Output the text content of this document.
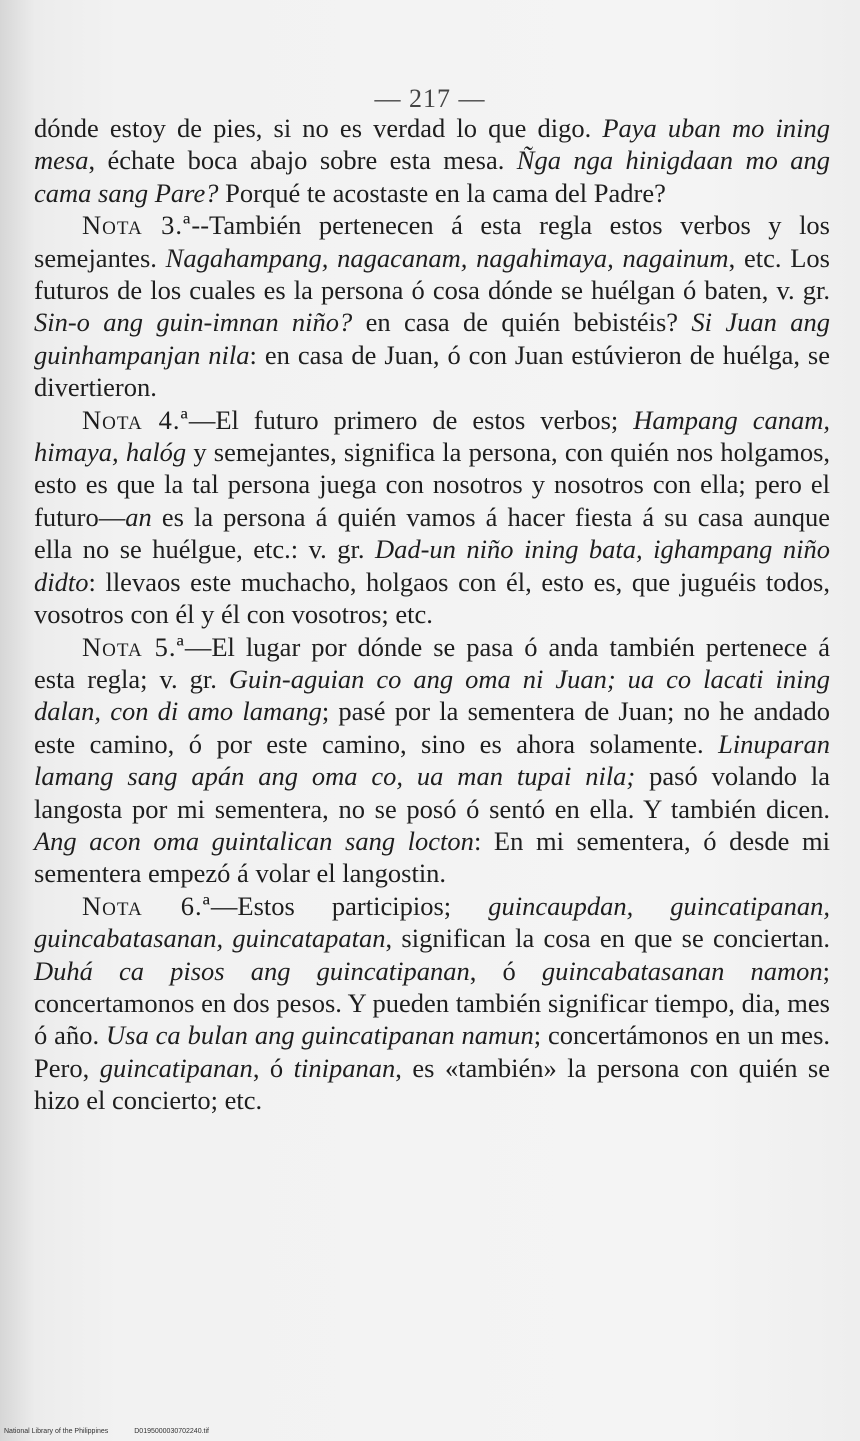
— 217 —

dónde estoy de pies, si no es verdad lo que digo. Paya uban mo ining mesa, échate boca abajo sobre esta mesa. Ñga nga hinigdaan mo ang cama sang Pare? Porqué te acostaste en la cama del Padre?

Nota 3.ª--También pertenecen á esta regla estos verbos y los semejantes. Nagahampang, nagacanam, nagahimaya, nagainum, etc. Los futuros de los cuales es la persona ó cosa dónde se huélgan ó baten, v. gr. Sin-o ang guin-imnan niño? en casa de quién bebistéis? Si Juan ang guinhampanjan nila: en casa de Juan, ó con Juan estúvieron de huélga, se divertieron.

Nota 4.ª—El futuro primero de estos verbos; Hampang canam, himaya, halóg y semejantes, significa la persona, con quién nos holgamos, esto es que la tal persona juega con nosotros y nosotros con ella; pero el futuro—an es la persona á quién vamos á hacer fiesta á su casa aunque ella no se huélgue, etc.: v. gr. Dad-un niño ining bata, ighampang niño didto: llevaos este muchacho, holgaos con él, esto es, que juguéis todos, vosotros con él y él con vosotros; etc.

Nota 5.ª—El lugar por dónde se pasa ó anda también pertenece á esta regla; v. gr. Guin-aguian co ang oma ni Juan; ua co lacati ining dalan, con di amo lamang; pasé por la sementera de Juan; no he andado este camino, ó por este camino, sino es ahora solamente. Linuparan lamang sang apán ang oma co, ua man tupai nila; pasó volando la langosta por mi sementera, no se posó ó sentó en ella. Y también dicen. Ang acon oma guintalican sang locton: En mi sementera, ó desde mi sementera empezó á volar el langostin.

Nota 6.ª—Estos participios; guincaupdan, guincatipanan, guincabatasanan, guincatapatan, significan la cosa en que se conciertan. Duhá ca pisos ang guincatipanan, ó guincabatasanan namon; concertamonos en dos pesos. Y pueden también significar tiempo, dia, mes ó año. Usa ca bulan ang guincatipanan namun; concertámonos en un mes. Pero, guincatipanan, ó tinipanan, es «también» la persona con quién se hizo el concierto; etc.

National Library of the Philippines	D0195000030702240.tif
